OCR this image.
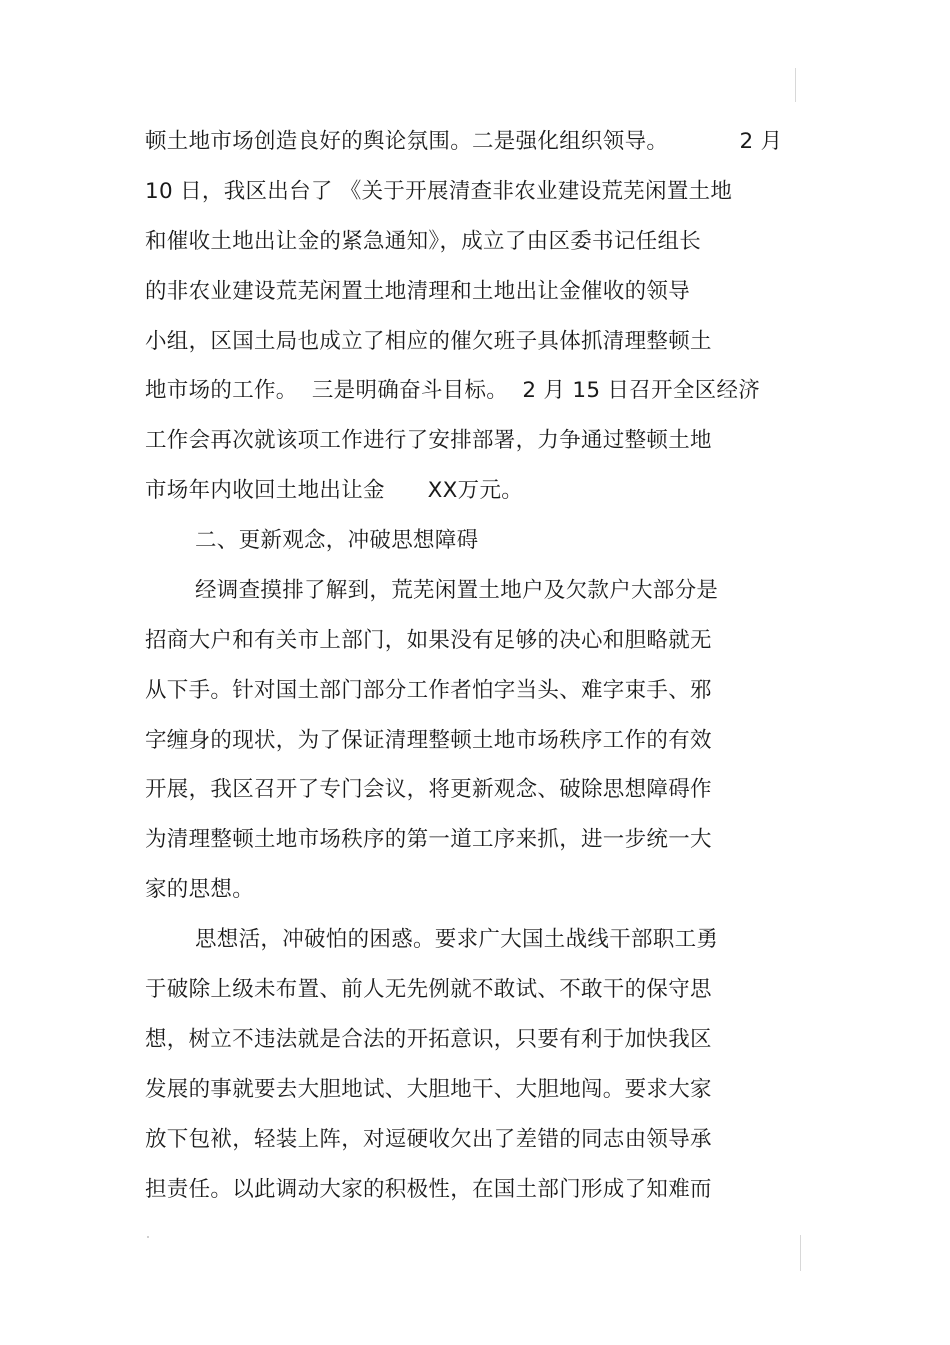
顿土地市场创造良好的舆论氛围。二是强化组织领导。          2 月
10 日，我区出台了 《关于开展清查非农业建设荒芜闲置土地
和催收土地出让金的紧急通知》，成立了由区委书记任组长
的非农业建设荒芜闲置土地清理和土地出让金催收的领导
小组，区国土局也成立了相应的催欠班子具体抓清理整顿土
地市场的工作。  三是明确奋斗目标。  2 月 15 日召开全区经济
工作会再次就该项工作进行了安排部署，力争通过整顿土地
市场年内收回土地出让金      XX万元。
二、更新观念，冲破思想障碍
经调查摸排了解到，荒芜闲置土地户及欠款户大部分是
招商大户和有关市上部门，如果没有足够的决心和胆略就无
从下手。针对国土部门部分工作者怕字当头、难字束手、邪
字缠身的现状，为了保证清理整顿土地市场秩序工作的有效
开展，我区召开了专门会议，将更新观念、破除思想障碍作
为清理整顿土地市场秩序的第一道工序来抓，进一步统一大
家的思想。
思想活，冲破怕的困惑。要求广大国土战线干部职工勇
于破除上级未布置、前人无先例就不敢试、不敢干的保守思
想，树立不违法就是合法的开拓意识，只要有利于加快我区
发展的事就要去大胆地试、大胆地干、大胆地闯。要求大家
放下包袱，轻装上阵，对逗硬收欠出了差错的同志由领导承
担责任。以此调动大家的积极性，在国土部门形成了知难而
